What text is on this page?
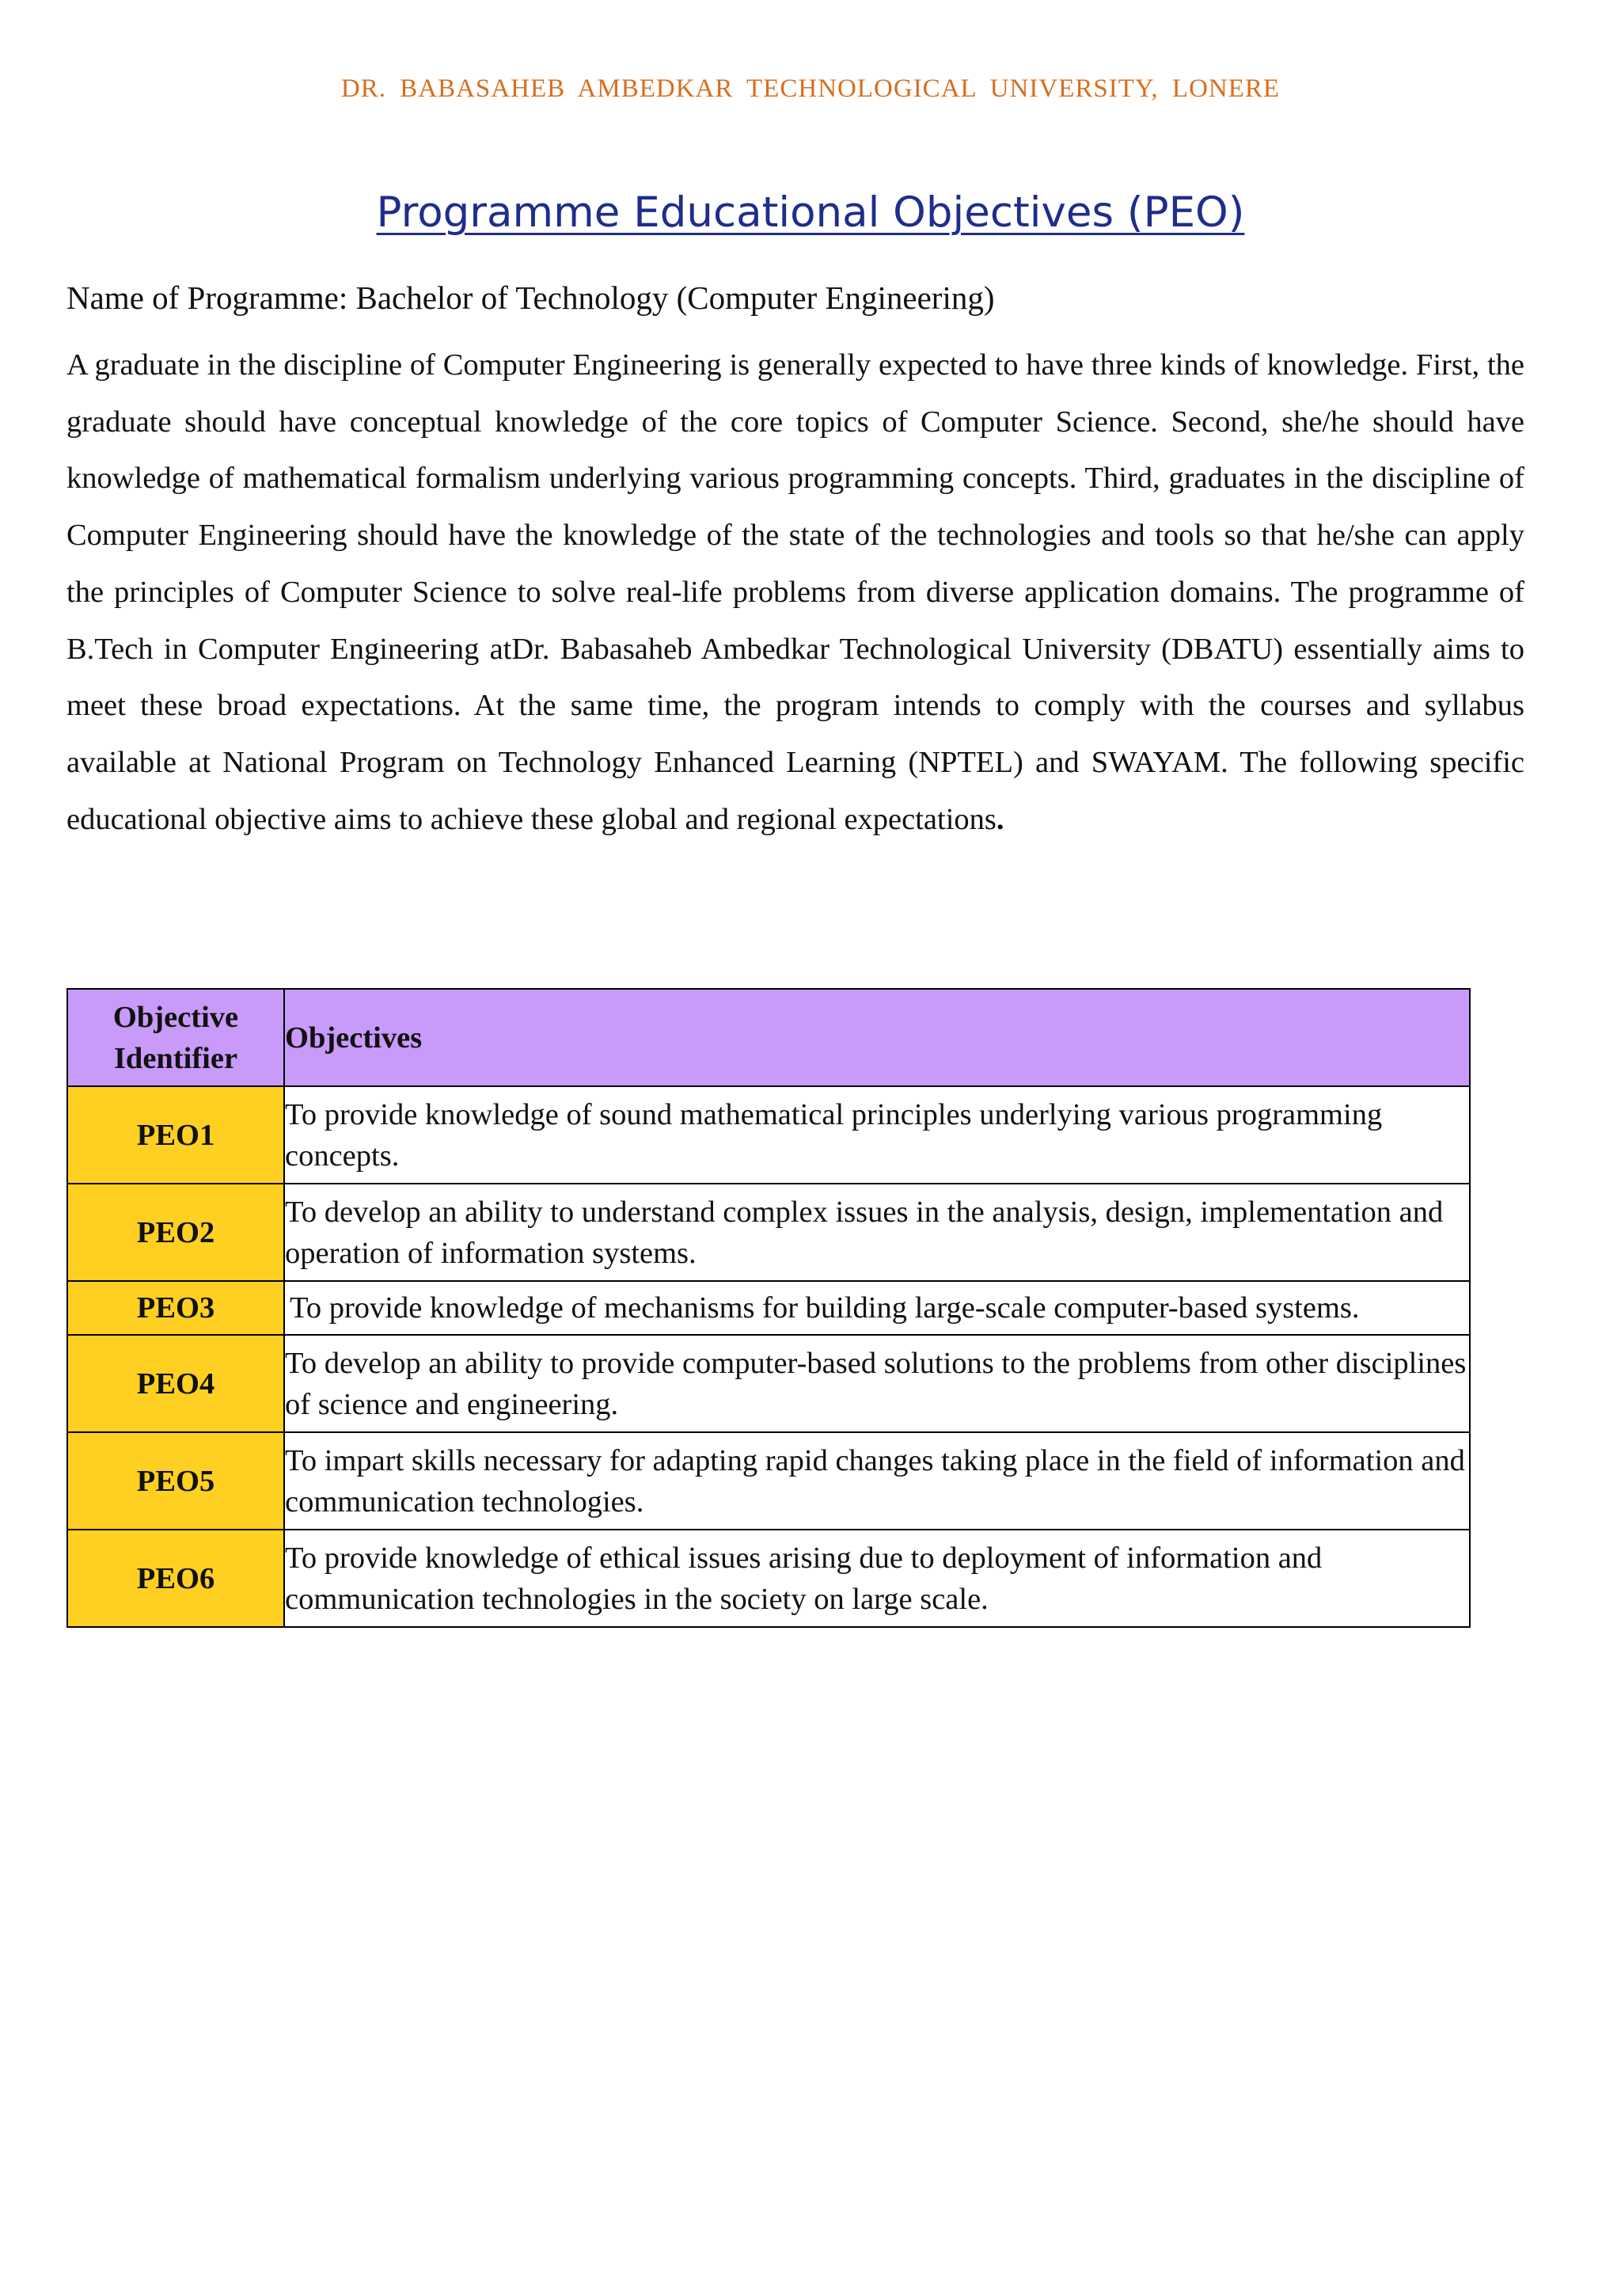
DR. BABASAHEB AMBEDKAR TECHNOLOGICAL UNIVERSITY, LONERE
Programme Educational Objectives (PEO)
Name of Programme: Bachelor of Technology (Computer Engineering)

A graduate in the discipline of Computer Engineering is generally expected to have three kinds of knowledge. First, the graduate should have conceptual knowledge of the core topics of Computer Science. Second, she/he should have knowledge of mathematical formalism underlying various programming concepts. Third, graduates in the discipline of Computer Engineering should have the knowledge of the state of the technologies and tools so that he/she can apply the principles of Computer Science to solve real-life problems from diverse application domains. The programme of B.Tech in Computer Engineering atDr. Babasaheb Ambedkar Technological University (DBATU) essentially aims to meet these broad expectations. At the same time, the program intends to comply with the courses and syllabus available at National Program on Technology Enhanced Learning (NPTEL) and SWAYAM. The following specific educational objective aims to achieve these global and regional expectations.

Objective
Identifier	Objectives
PEO1	To provide knowledge of sound mathematical principles underlying various programming concepts.
PEO2	To develop an ability to understand complex issues in the analysis, design, implementation and operation of information systems.
PEO3	To provide knowledge of mechanisms for building large-scale computer-based systems.
PEO4	To develop an ability to provide computer-based solutions to the problems from other disciplines of science and engineering.
PEO5	To impart skills necessary for adapting rapid changes taking place in the field of information and communication technologies.
PEO6	To provide knowledge of ethical issues arising due to deployment of information and communication technologies in the society on large scale.
